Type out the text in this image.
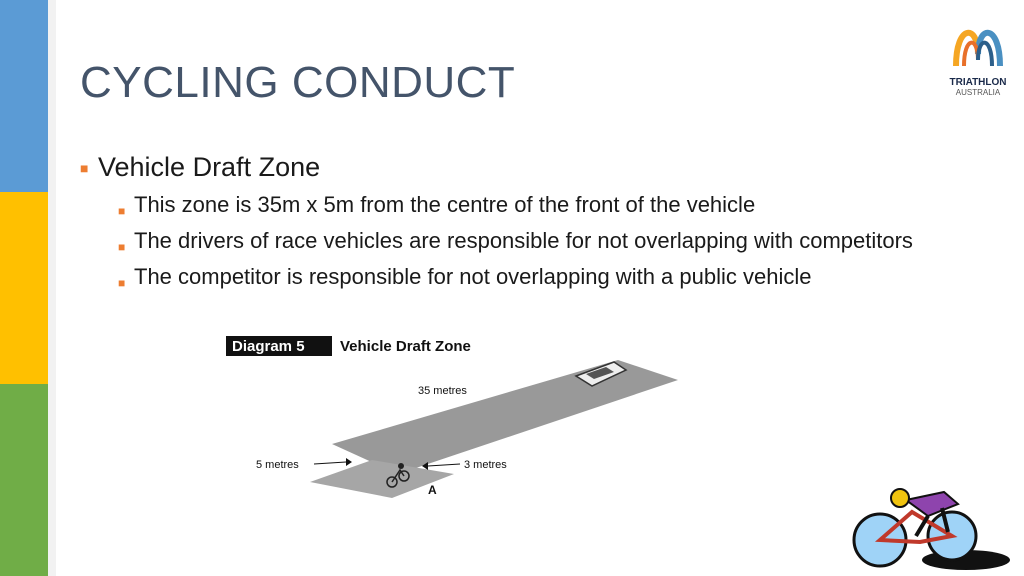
CYCLING CONDUCT	TRIATHLON
AUSTRALIA
■ Vehicle Draft Zone
■ This zone is 35m x 5m from the centre of the front of the vehicle
■ The drivers of race vehicles are responsible for not overlapping with competitors
■ The competitor is responsible for not overlapping with a public vehicle
Diagram 5 Vehicle Draft Zone
35 metres
5 metres	3 metres
A
